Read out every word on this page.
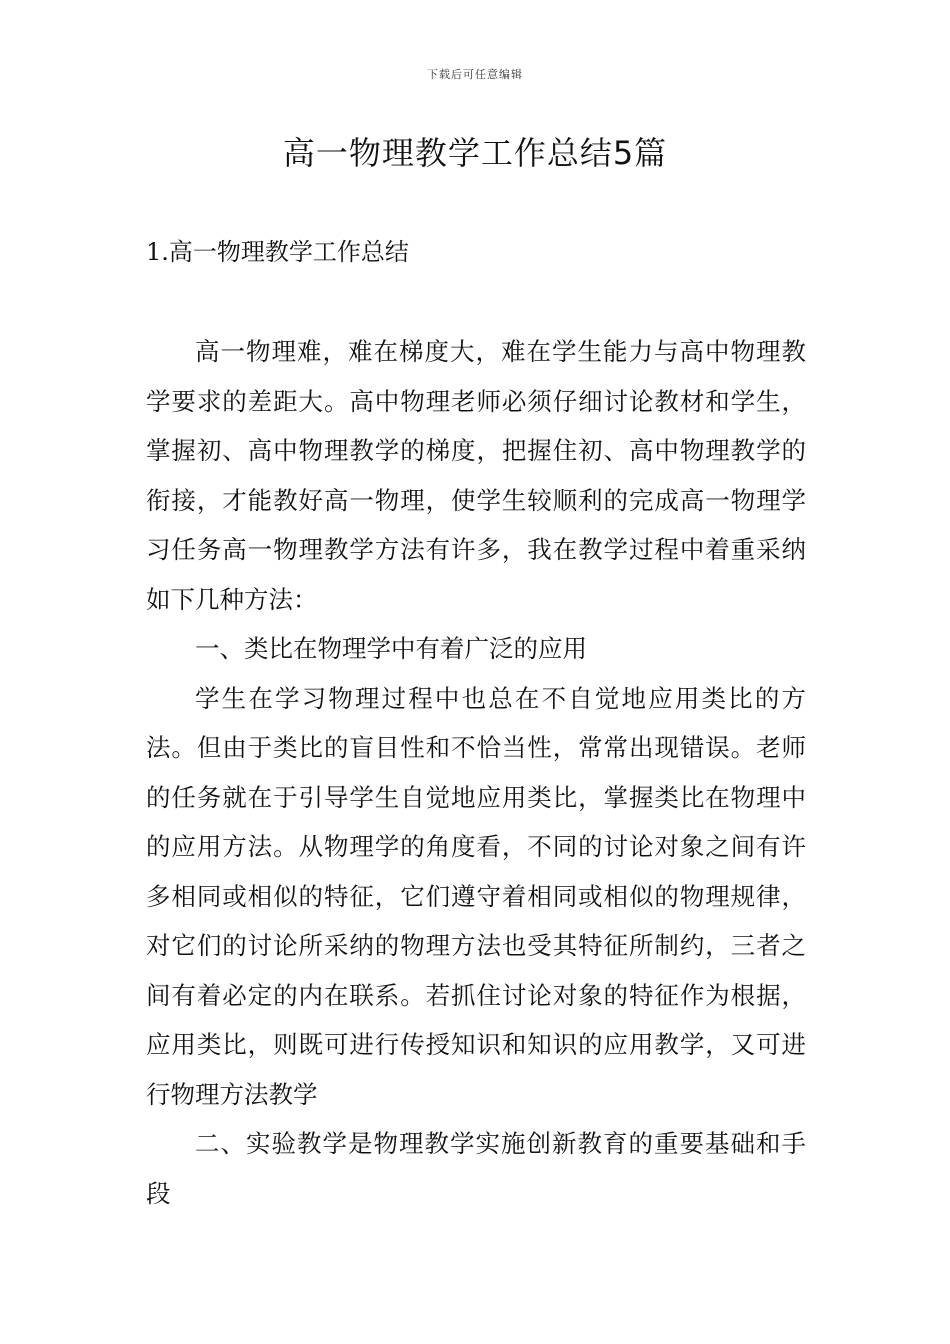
下载后可任意编辑
高一物理教学工作总结5篇
1.高一物理教学工作总结

高一物理难，难在梯度大，难在学生能力与高中物理教学要求的差距大。高中物理老师必须仔细讨论教材和学生，掌握初、高中物理教学的梯度，把握住初、高中物理教学的衔接，才能教好高一物理，使学生较顺利的完成高一物理学习任务高一物理教学方法有许多，我在教学过程中着重采纳如下几种方法：

一、类比在物理学中有着广泛的应用

学生在学习物理过程中也总在不自觉地应用类比的方法。但由于类比的盲目性和不恰当性，常常出现错误。老师的任务就在于引导学生自觉地应用类比，掌握类比在物理中的应用方法。从物理学的角度看，不同的讨论对象之间有许多相同或相似的特征，它们遵守着相同或相似的物理规律，对它们的讨论所采纳的物理方法也受其特征所制约，三者之间有着必定的内在联系。若抓住讨论对象的特征作为根据，应用类比，则既可进行传授知识和知识的应用教学，又可进行物理方法教学

二、实验教学是物理教学实施创新教育的重要基础和手段
